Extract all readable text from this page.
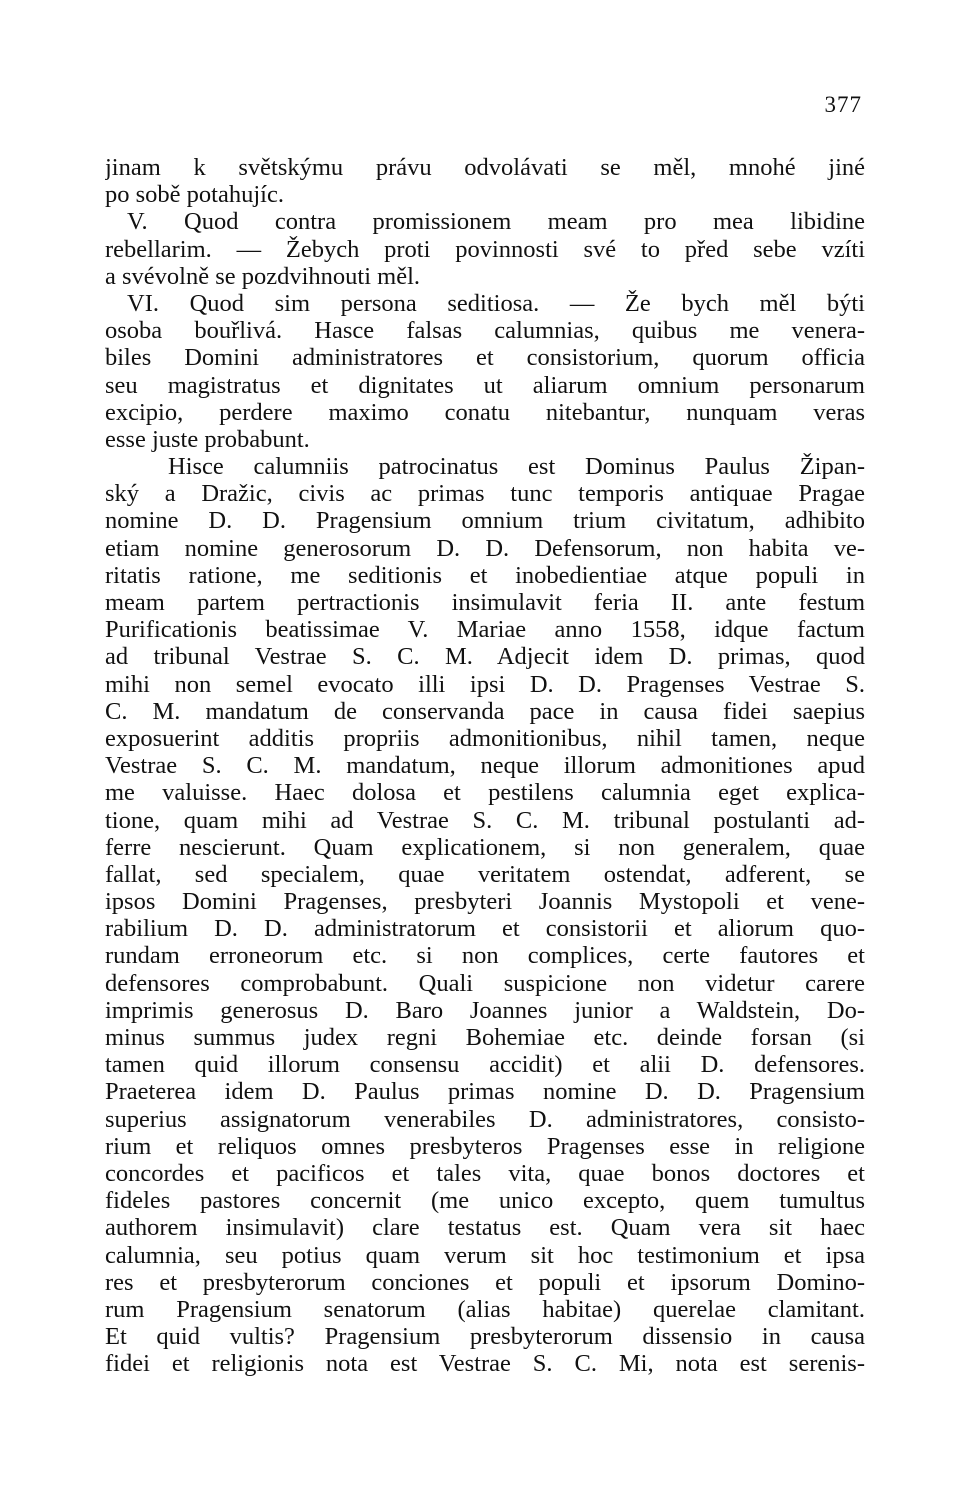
377
jinam k světskýmu právu odvolávati se měl, mnohé jiné
po sobě potahujíc.
V. Quod contra promissionem meam pro mea libidine
rebellarim. — Žebych proti povinnosti své to před sebe vzíti
a svévolně se pozdvihnouti měl.
VI. Quod sim persona seditiosa. — Že bych měl býti
osoba bouřlivá. Hasce falsas calumnias, quibus me venera-
biles Domini administratores et consistorium, quorum officia
seu magistratus et dignitates ut aliarum omnium personarum
excipio, perdere maximo conatu nitebantur, nunquam veras
esse juste probabunt.
Hisce calumniis patrocinatus est Dominus Paulus Žipan-
ský a Dražic, civis ac primas tunc temporis antiquae Pragae
nomine D. D. Pragensium omnium trium civitatum, adhibito
etiam nomine generosorum D. D. Defensorum, non habita ve-
ritatis ratione, me seditionis et inobedientiae atque populi in
meam partem pertractionis insimulavit feria II. ante festum
Purificationis beatissimae V. Mariae anno 1558, idque factum
ad tribunal Vestrae S. C. M. Adjecit idem D. primas, quod
mihi non semel evocato illi ipsi D. D. Pragenses Vestrae S.
C. M. mandatum de conservanda pace in causa fidei saepius
exposuerint additis propriis admonitionibus, nihil tamen, neque
Vestrae S. C. M. mandatum, neque illorum admonitiones apud
me valuisse. Haec dolosa et pestilens calumnia eget explica-
tione, quam mihi ad Vestrae S. C. M. tribunal postulanti ad-
ferre nescierunt. Quam explicationem, si non generalem, quae
fallat, sed specialem, quae veritatem ostendat, adferent, se
ipsos Domini Pragenses, presbyteri Joannis Mystopoli et vene-
rabilium D. D. administratorum et consistorii et aliorum quo-
rundam erroneorum etc. si non complices, certe fautores et
defensores comprobabunt. Quali suspicione non videtur carere
imprimis generosus D. Baro Joannes junior a Waldstein, Do-
minus summus judex regni Bohemiae etc. deinde forsan (si
tamen quid illorum consensu accidit) et alii D. defensores.
Praeterea idem D. Paulus primas nomine D. D. Pragensium
superius assignatorum venerabiles D. administratores, consisto-
rium et reliquos omnes presbyteros Pragenses esse in religione
concordes et pacificos et tales vita, quae bonos doctores et
fideles pastores concernit (me unico excepto, quem tumultus
authorem insimulavit) clare testatus est. Quam vera sit haec
calumnia, seu potius quam verum sit hoc testimonium et ipsa
res et presbyterorum conciones et populi et ipsorum Domino-
rum Pragensium senatorum (alias habitae) querelae clamitant.
Et quid vultis? Pragensium presbyterorum dissensio in causa
fidei et religionis nota est Vestrae S. C. Mi, nota est serenis-
